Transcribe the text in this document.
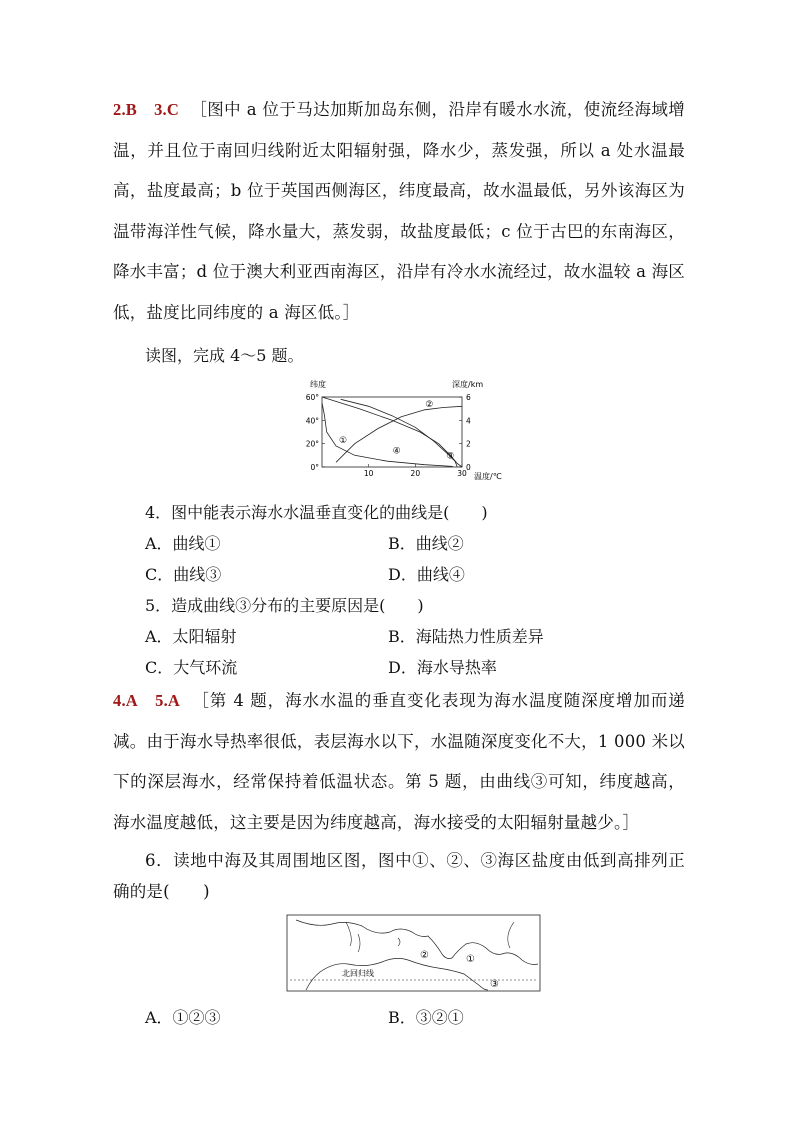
2.B　3.C ［图中 a 位于马达加斯加岛东侧，沿岸有暖水水流，使流经海域增温，并且位于南回归线附近太阳辐射强，降水少，蒸发强，所以 a 处水温最高，盐度最高；b 位于英国西侧海区，纬度最高，故水温最低，另外该海区为温带海洋性气候，降水量大，蒸发弱，故盐度最低；c 位于古巴的东南海区，降水丰富；d 位于澳大利亚西南海区，沿岸有冷水水流经过，故水温较 a 海区低，盐度比同纬度的 a 海区低。］
读图，完成 4～5 题。
纬度	深度/km
温度/℃
60°
40°
20°
0°
6
4
2
0
10	20	30
①
②
③
④
4．图中能表示海水水温垂直变化的曲线是(　　)
A．曲线①	B．曲线②
C．曲线③	D．曲线④
5．造成曲线③分布的主要原因是(　　)
A．太阳辐射	B．海陆热力性质差异
C．大气环流	D．海水导热率
4.A　5.A ［第 4 题，海水水温的垂直变化表现为海水温度随深度增加而递减。由于海水导热率很低，表层海水以下，水温随深度变化不大，1 000 米以下的深层海水，经常保持着低温状态。第 5 题，由曲线③可知，纬度越高，海水温度越低，这主要是因为纬度越高，海水接受的太阳辐射量越少。］
6．读地中海及其周围地区图，图中①、②、③海区盐度由低到高排列正确的是(　　)
北回归线
②	①
③
A．①②③	B．③②①
